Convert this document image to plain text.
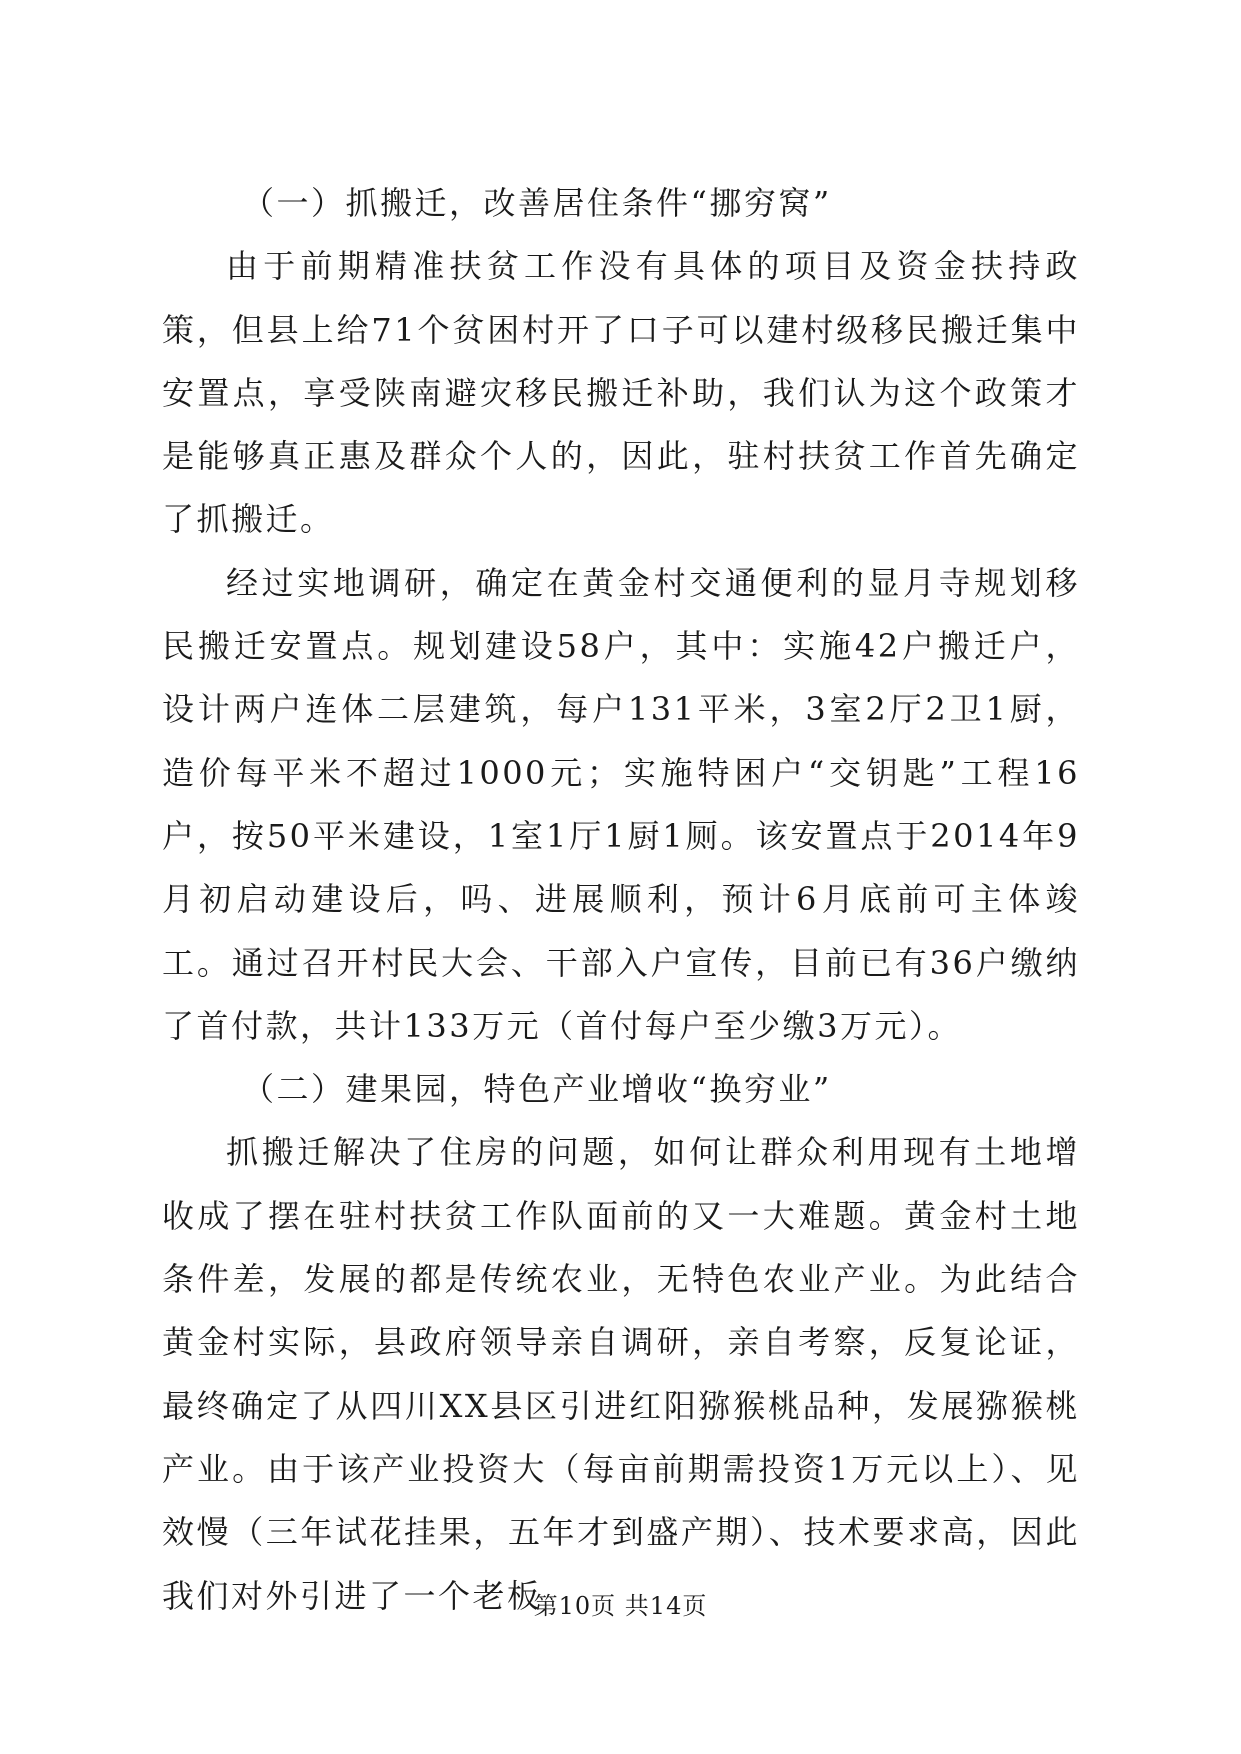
（一）抓搬迁，改善居住条件“挪穷窝”

由于前期精准扶贫工作没有具体的项目及资金扶持政策，但县上给71个贫困村开了口子可以建村级移民搬迁集中安置点，享受陕南避灾移民搬迁补助，我们认为这个政策才是能够真正惠及群众个人的，因此，驻村扶贫工作首先确定了抓搬迁。

经过实地调研，确定在黄金村交通便利的显月寺规划移民搬迁安置点。规划建设58户，其中：实施42户搬迁户，设计两户连体二层建筑，每户131平米，3室2厅2卫1厨，造价每平米不超过1000元；实施特困户“交钥匙”工程16户，按50平米建设，1室1厅1厨1厕。该安置点于2014年9月初启动建设后，吗、进展顺利，预计6月底前可主体竣工。通过召开村民大会、干部入户宣传，目前已有36户缴纳了首付款，共计133万元（首付每户至少缴3万元）。

（二）建果园，特色产业增收“换穷业”

抓搬迁解决了住房的问题，如何让群众利用现有土地增收成了摆在驻村扶贫工作队面前的又一大难题。黄金村土地条件差，发展的都是传统农业，无特色农业产业。为此结合黄金村实际，县政府领导亲自调研，亲自考察，反复论证，最终确定了从四川XX县区引进红阳猕猴桃品种，发展猕猴桃产业。由于该产业投资大（每亩前期需投资1万元以上）、见效慢（三年试花挂果，五年才到盛产期）、技术要求高，因此我们对外引进了一个老板

第10页 共14页
